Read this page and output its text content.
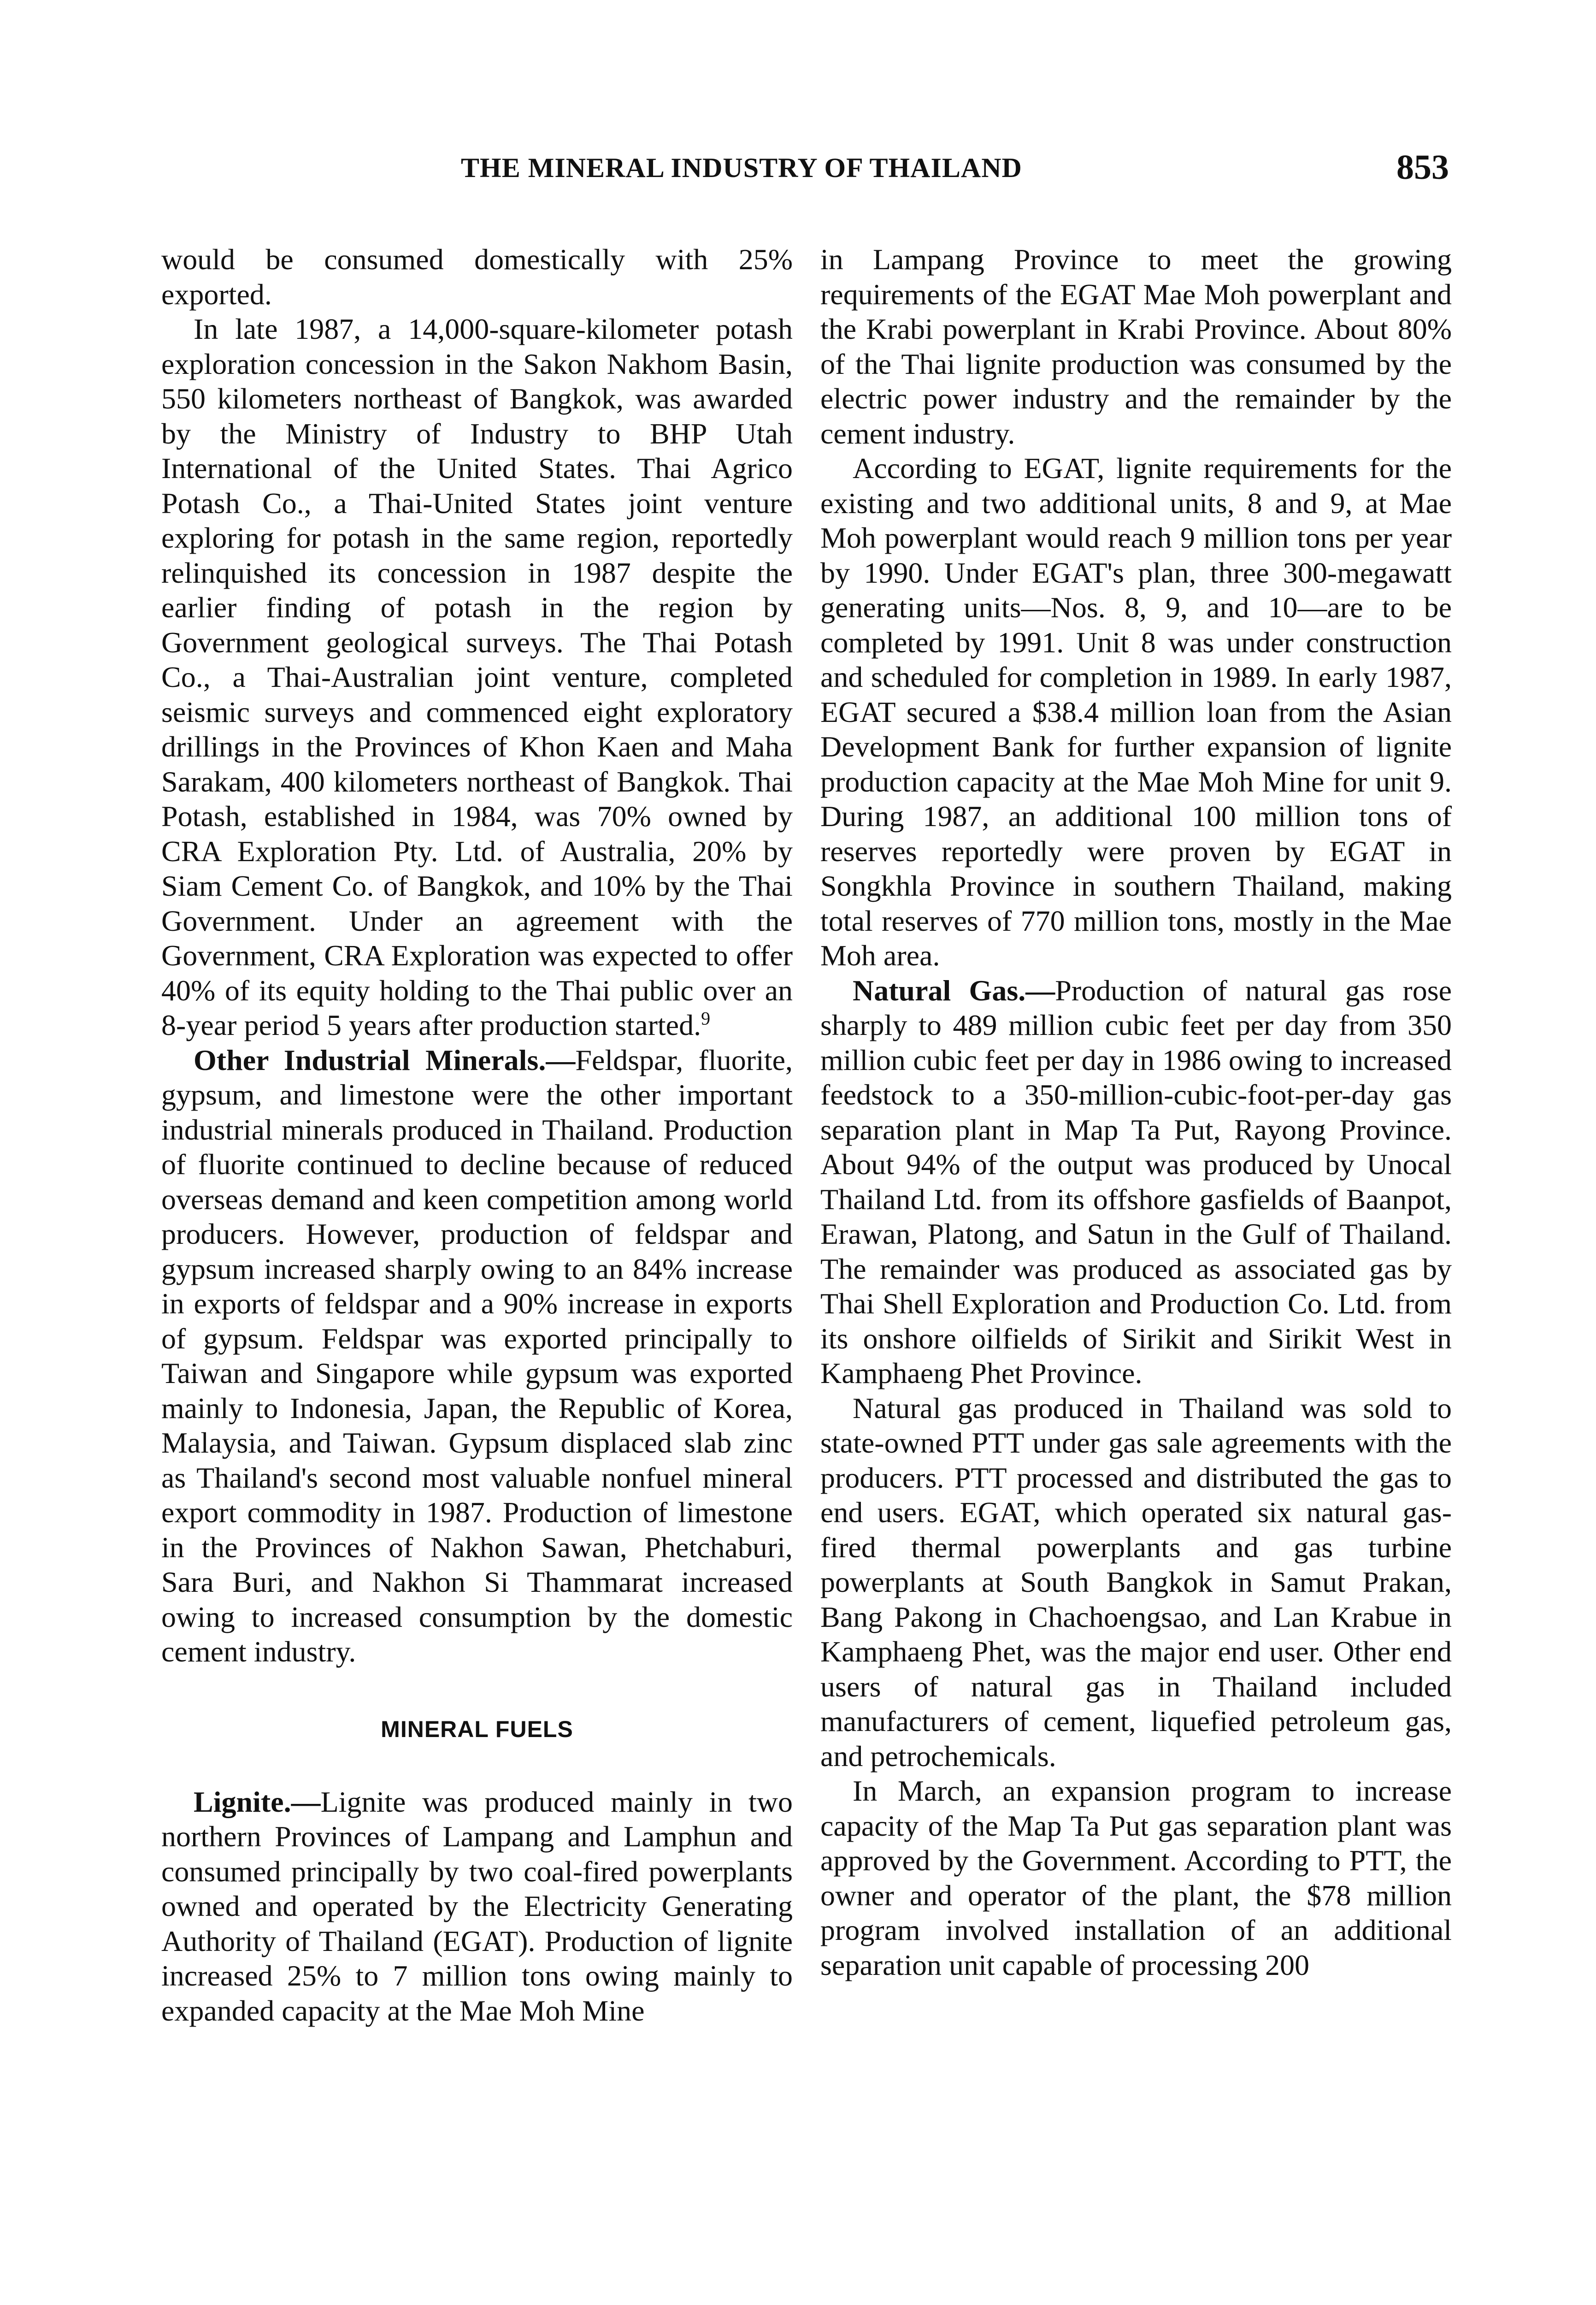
THE MINERAL INDUSTRY OF THAILAND	853

would be consumed domestically with 25% exported.

In late 1987, a 14,000-square-kilometer potash exploration concession in the Sakon Nakhom Basin, 550 kilometers northeast of Bangkok, was awarded by the Ministry of Industry to BHP Utah International of the United States. Thai Agrico Potash Co., a Thai-United States joint venture exploring for potash in the same region, reportedly relinquished its concession in 1987 despite the earlier finding of potash in the region by Government geological surveys. The Thai Potash Co., a Thai-Australian joint venture, completed seismic surveys and commenced eight exploratory drillings in the Provinces of Khon Kaen and Maha Sarakam, 400 kilometers northeast of Bangkok. Thai Potash, established in 1984, was 70% owned by CRA Exploration Pty. Ltd. of Australia, 20% by Siam Cement Co. of Bangkok, and 10% by the Thai Government. Under an agreement with the Government, CRA Exploration was expected to offer 40% of its equity holding to the Thai public over an 8-year period 5 years after production started.$^9$

Other Industrial Minerals.—Feldspar, fluorite, gypsum, and limestone were the other important industrial minerals produced in Thailand. Production of fluorite continued to decline because of reduced overseas demand and keen competition among world producers. However, production of feldspar and gypsum increased sharply owing to an 84% increase in exports of feldspar and a 90% increase in exports of gypsum. Feldspar was exported principally to Taiwan and Singapore while gypsum was exported mainly to Indonesia, Japan, the Republic of Korea, Malaysia, and Taiwan. Gypsum displaced slab zinc as Thailand's second most valuable nonfuel mineral export commodity in 1987. Production of limestone in the Provinces of Nakhon Sawan, Phetchaburi, Sara Buri, and Nakhon Si Thammarat increased owing to increased consumption by the domestic cement industry.

MINERAL FUELS

Lignite.—Lignite was produced mainly in two northern Provinces of Lampang and Lamphun and consumed principally by two coal-fired powerplants owned and operated by the Electricity Generating Authority of Thailand (EGAT). Production of lignite increased 25% to 7 million tons owing mainly to expanded capacity at the Mae Moh Mine

in Lampang Province to meet the growing requirements of the EGAT Mae Moh powerplant and the Krabi powerplant in Krabi Province. About 80% of the Thai lignite production was consumed by the electric power industry and the remainder by the cement industry.

According to EGAT, lignite requirements for the existing and two additional units, 8 and 9, at Mae Moh powerplant would reach 9 million tons per year by 1990. Under EGAT's plan, three 300-megawatt generating units—Nos. 8, 9, and 10—are to be completed by 1991. Unit 8 was under construction and scheduled for completion in 1989. In early 1987, EGAT secured a $38.4 million loan from the Asian Development Bank for further expansion of lignite production capacity at the Mae Moh Mine for unit 9. During 1987, an additional 100 million tons of reserves reportedly were proven by EGAT in Songkhla Province in southern Thailand, making total reserves of 770 million tons, mostly in the Mae Moh area.

Natural Gas.—Production of natural gas rose sharply to 489 million cubic feet per day from 350 million cubic feet per day in 1986 owing to increased feedstock to a 350-million-cubic-foot-per-day gas separation plant in Map Ta Put, Rayong Province. About 94% of the output was produced by Unocal Thailand Ltd. from its offshore gasfields of Baanpot, Erawan, Platong, and Satun in the Gulf of Thailand. The remainder was produced as associated gas by Thai Shell Exploration and Production Co. Ltd. from its onshore oilfields of Sirikit and Sirikit West in Kamphaeng Phet Province.

Natural gas produced in Thailand was sold to state-owned PTT under gas sale agreements with the producers. PTT processed and distributed the gas to end users. EGAT, which operated six natural gas-fired thermal powerplants and gas turbine powerplants at South Bangkok in Samut Prakan, Bang Pakong in Chachoengsao, and Lan Krabue in Kamphaeng Phet, was the major end user. Other end users of natural gas in Thailand included manufacturers of cement, liquefied petroleum gas, and petrochemicals.

In March, an expansion program to increase capacity of the Map Ta Put gas separation plant was approved by the Government. According to PTT, the owner and operator of the plant, the $78 million program involved installation of an additional separation unit capable of processing 200
